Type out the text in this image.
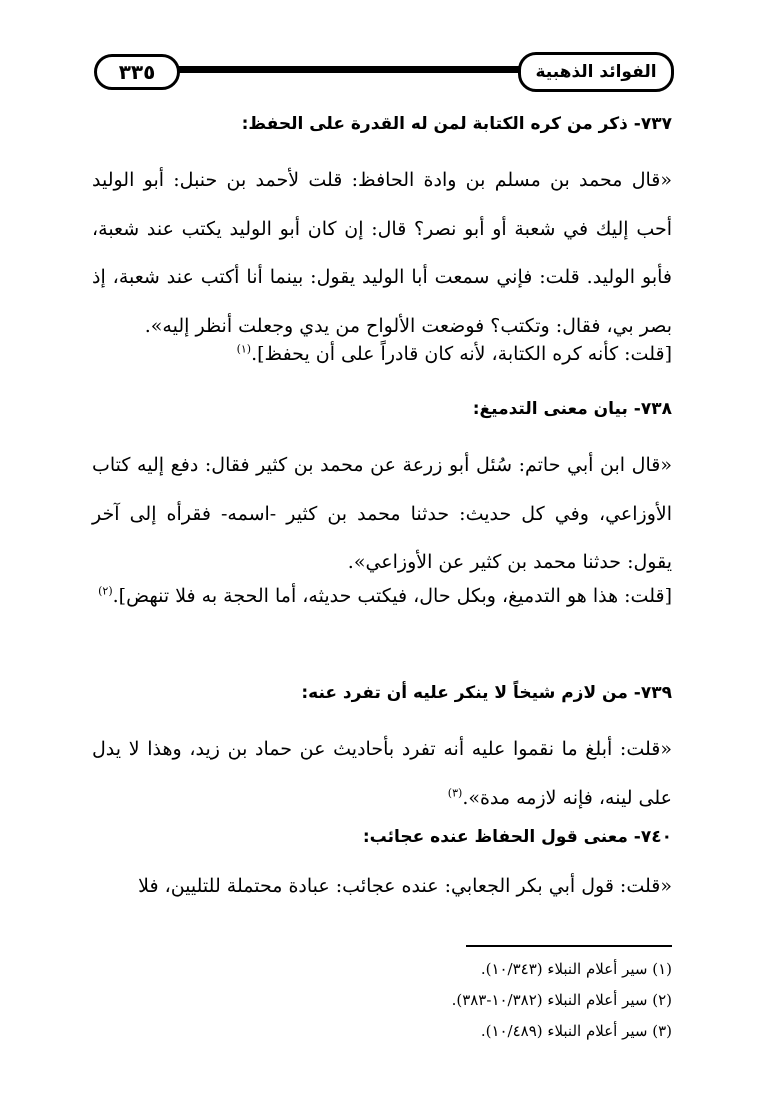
٣٣٥	الفوائد الذهبية
٧٣٧- ذكر من كره الكتابة لمن له القدرة على الحفظ:
«قال محمد بن مسلم بن وادة الحافظ: قلت لأحمد بن حنبل: أبو الوليد أحب إليك في شعبة أو أبو نصر؟ قال: إن كان أبو الوليد يكتب عند شعبة، فأبو الوليد. قلت: فإني سمعت أبا الوليد يقول: بينما أنا أكتب عند شعبة، إذ بصر بي، فقال: وتكتب؟ فوضعت الألواح من يدي وجعلت أنظر إليه».
[قلت: كأنه كره الكتابة، لأنه كان قادراً على أن يحفظ].$^{(١)}$
٧٣٨- بيان معنى التدميغ:
«قال ابن أبي حاتم: سُئل أبو زرعة عن محمد بن كثير فقال: دفع إليه كتاب الأوزاعي، وفي كل حديث: حدثنا محمد بن كثير -اسمه- فقرأه إلى آخر يقول: حدثنا محمد بن كثير عن الأوزاعي».
[قلت: هذا هو التدميغ، وبكل حال، فيكتب حديثه، أما الحجة به فلا تنهض].$^{(٢)}$
٧٣٩- من لازم شيخاً لا ينكر عليه أن تفرد عنه:
«قلت: أبلغ ما نقموا عليه أنه تفرد بأحاديث عن حماد بن زيد، وهذا لا يدل على لينه، فإنه لازمه مدة».$^{(٣)}$
٧٤٠- معنى قول الحفاظ عنده عجائب:
«قلت: قول أبي بكر الجعابي: عنده عجائب: عبادة محتملة للتليين، فلا
(١) سير أعلام النبلاء (١٠/٣٤٣).
(٢) سير أعلام النبلاء (١٠/٣٨٢-٣٨٣).
(٣) سير أعلام النبلاء (١٠/٤٨٩).
